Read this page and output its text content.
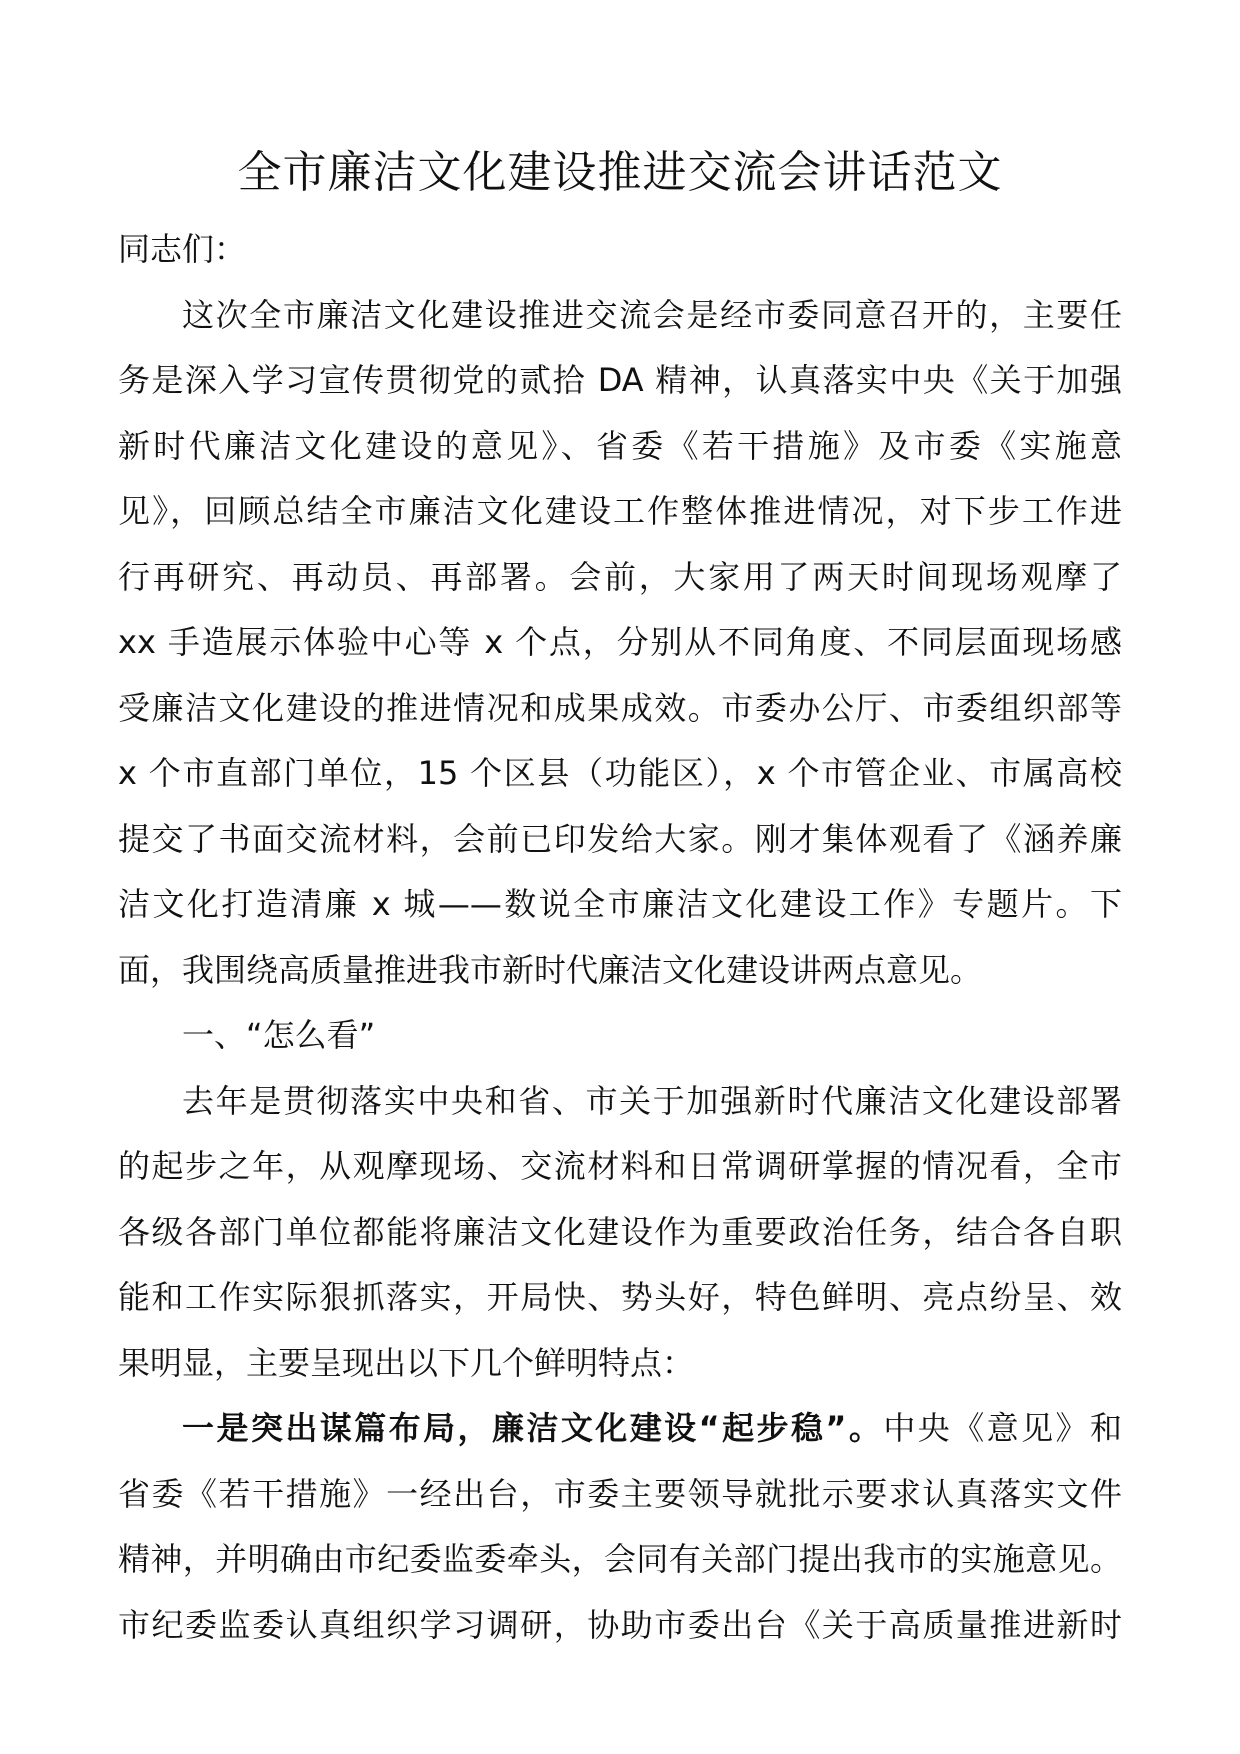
全市廉洁文化建设推进交流会讲话范文
同志们：
这次全市廉洁文化建设推进交流会是经市委同意召开的，主要任
务是深入学习宣传贯彻党的贰拾 DA 精神，认真落实中央《关于加强
新时代廉洁文化建设的意见》、省委《若干措施》及市委《实施意
见》，回顾总结全市廉洁文化建设工作整体推进情况，对下步工作进
行再研究、再动员、再部署。会前，大家用了两天时间现场观摩了
xx 手造展示体验中心等 x 个点，分别从不同角度、不同层面现场感
受廉洁文化建设的推进情况和成果成效。市委办公厅、市委组织部等
x 个市直部门单位，15 个区县（功能区），x 个市管企业、市属高校
提交了书面交流材料，会前已印发给大家。刚才集体观看了《涵养廉
洁文化打造清廉 x 城——数说全市廉洁文化建设工作》专题片。下
面，我围绕高质量推进我市新时代廉洁文化建设讲两点意见。
一、“怎么看”
去年是贯彻落实中央和省、市关于加强新时代廉洁文化建设部署
的起步之年，从观摩现场、交流材料和日常调研掌握的情况看，全市
各级各部门单位都能将廉洁文化建设作为重要政治任务，结合各自职
能和工作实际狠抓落实，开局快、势头好，特色鲜明、亮点纷呈、效
果明显，主要呈现出以下几个鲜明特点：
一是突出谋篇布局，廉洁文化建设“起步稳”。中央《意见》和
省委《若干措施》一经出台，市委主要领导就批示要求认真落实文件
精神，并明确由市纪委监委牵头，会同有关部门提出我市的实施意见。
市纪委监委认真组织学习调研，协助市委出台《关于高质量推进新时
